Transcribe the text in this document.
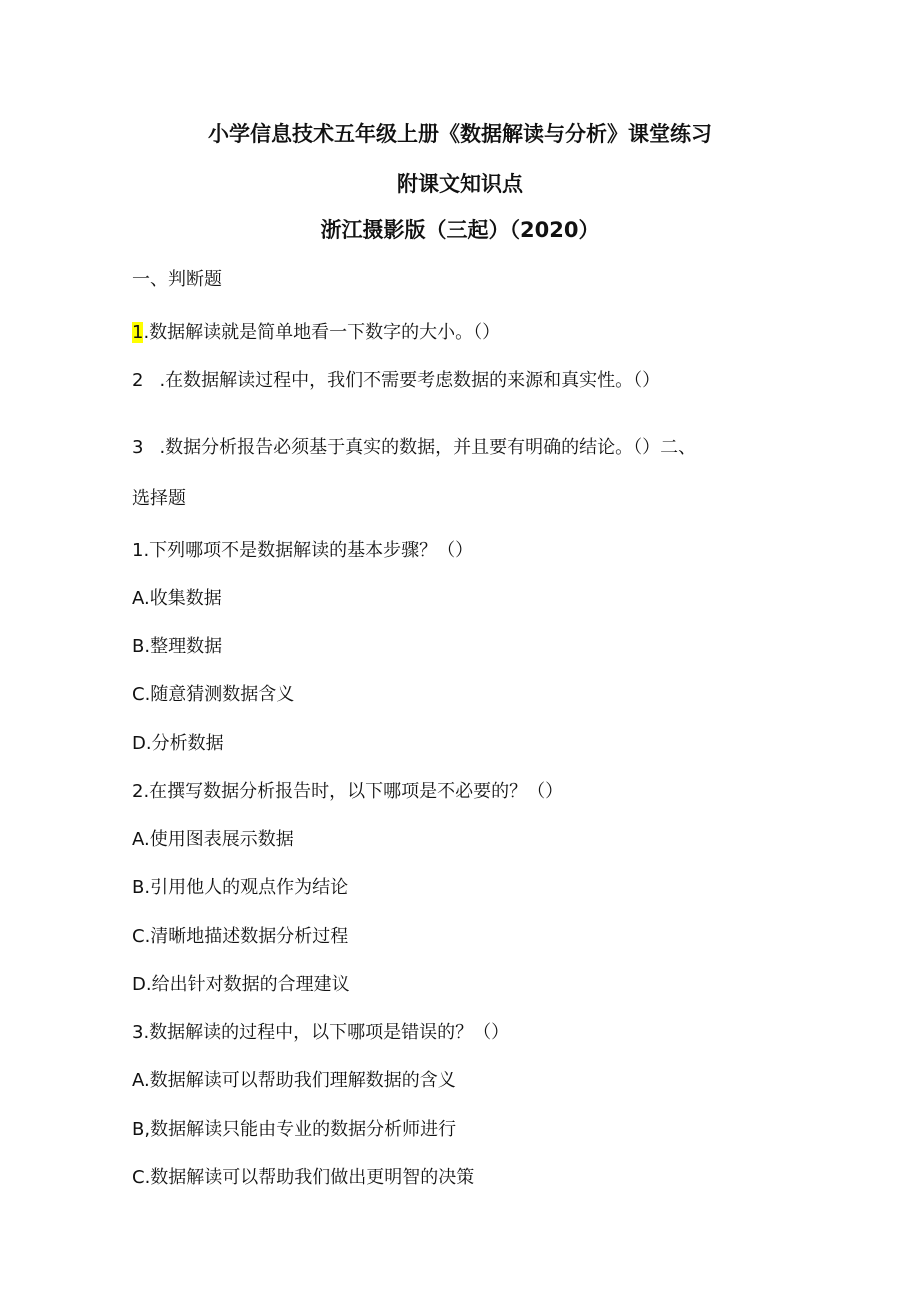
小学信息技术五年级上册《数据解读与分析》课堂练习
附课文知识点
浙江摄影版（三起）（2020）
一、判断题
1.数据解读就是简单地看一下数字的大小。（）
2 .在数据解读过程中，我们不需要考虑数据的来源和真实性。（）
3 .数据分析报告必须基于真实的数据，并且要有明确的结论。（）二、
选择题
1.下列哪项不是数据解读的基本步骤？（）
A.收集数据
B.整理数据
C.随意猜测数据含义
D.分析数据
2.在撰写数据分析报告时，以下哪项是不必要的？（）
A.使用图表展示数据
B.引用他人的观点作为结论
C.清晰地描述数据分析过程
D.给出针对数据的合理建议
3.数据解读的过程中，以下哪项是错误的？（）
A.数据解读可以帮助我们理解数据的含义
B,数据解读只能由专业的数据分析师进行
C.数据解读可以帮助我们做出更明智的决策
